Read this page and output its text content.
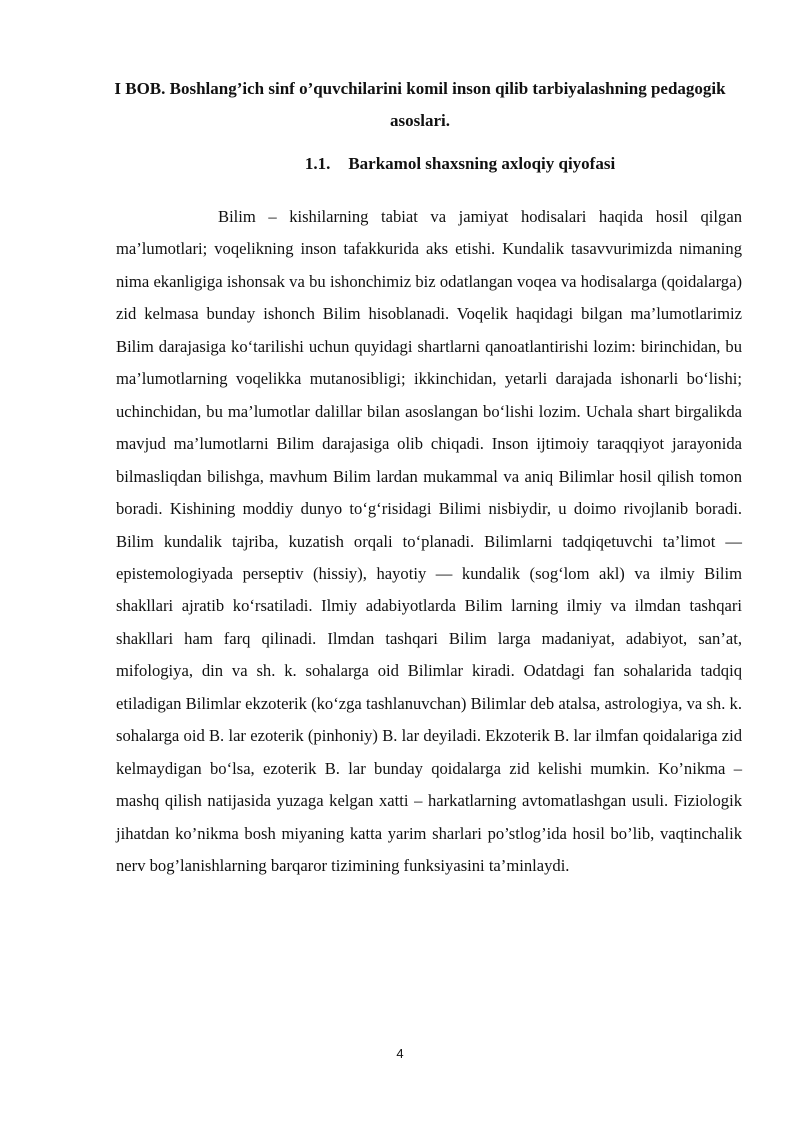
I BOB. Boshlang’ich sinf o’quvchilarini komil inson qilib tarbiyalashning pedagogik asoslari.
1.1. Barkamol shaxsning axloqiy qiyofasi

Bilim – kishilarning tabiat va jamiyat hodisalari haqida hosil qilgan ma’lumotlari; voqelikning inson tafakkurida aks etishi. Kundalik tasavvurimizda nimaning nima ekanligiga ishonsak va bu ishonchimiz biz odatlangan voqea va hodisalarga (qoidalarga) zid kelmasa bunday ishonch Bilim hisoblanadi. Voqelik haqidagi bilgan ma’lumotlarimiz Bilim darajasiga ko‘tarilishi uchun quyidagi shartlarni qanoatlantirishi lozim: birinchidan, bu ma’lumotlarning voqelikka mutanosibligi; ikkinchidan, yetarli darajada ishonarli bo‘lishi; uchinchidan, bu ma’lumotlar dalillar bilan asoslangan bo‘lishi lozim. Uchala shart birgalikda mavjud ma’lumotlarni Bilim darajasiga olib chiqadi. Inson ijtimoiy taraqqiyot jarayonida bilmasliqdan bilishga, mavhum Bilim lardan mukammal va aniq Bilimlar hosil qilish tomon boradi. Kishining moddiy dunyo to‘g‘risidagi Bilimi nisbiydir, u doimo rivojlanib boradi. Bilim kundalik tajriba, kuzatish orqali to‘planadi. Bilimlarni tadqiqetuvchi ta’limot — epistemologiyada perseptiv (hissiy), hayotiy — kundalik (sog‘lom akl) va ilmiy Bilim shakllari ajratib ko‘rsatiladi. Ilmiy adabiyotlarda Bilim larning ilmiy va ilmdan tashqari shakllari ham farq qilinadi. Ilmdan tashqari Bilim larga madaniyat, adabiyot, san’at, mifologiya, din va sh. k. sohalarga oid Bilimlar kiradi. Odatdagi fan sohalarida tadqiq etiladigan Bilimlar ekzoterik (ko‘zga tashlanuvchan) Bilimlar deb atalsa, astrologiya, va sh. k. sohalarga oid B. lar ezoterik (pinhoniy) B. lar deyiladi. Ekzoterik B. lar ilmfan qoidalariga zid kelmaydigan bo‘lsa, ezoterik B. lar bunday qoidalarga zid kelishi mumkin. Ko’nikma – mashq qilish natijasida yuzaga kelgan xatti – harkatlarning avtomatlashgan usuli. Fiziologik jihatdan ko’nikma bosh miyaning katta yarim sharlari po’stlog’ida hosil bo’lib, vaqtinchalik nerv bog’lanishlarning barqaror tizimining funksiyasini ta’minlaydi.

4
